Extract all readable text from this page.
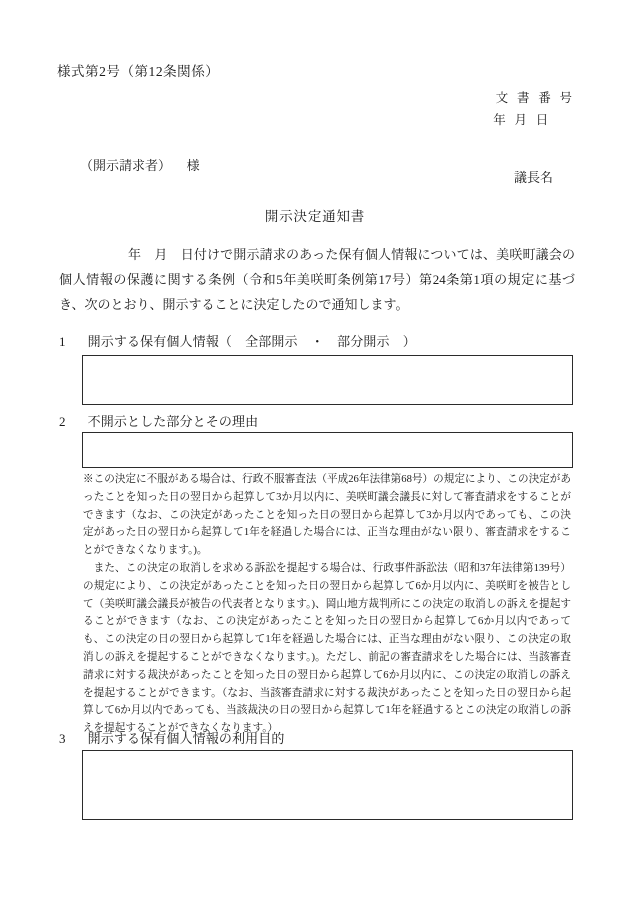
様式第2号（第12条関係）
文書番号
年月日
（開示請求者） 様
議長名
開示決定通知書
年　月　日付けで開示請求のあった保有個人情報については、美咲町議会の個人情報の保護に関する条例（令和5年美咲町条例第17号）第24条第1項の規定に基づき、次のとおり、開示することに決定したので通知します。
1 開示する保有個人情報（　全部開示　・　部分開示　）
2 不開示とした部分とその理由

※この決定に不服がある場合は、行政不服審査法（平成26年法律第68号）の規定により、この決定があったことを知った日の翌日から起算して3か月以内に、美咲町議会議長に対して審査請求をすることができます（なお、この決定があったことを知った日の翌日から起算して3か月以内であっても、この決定があった日の翌日から起算して1年を経過した場合には、正当な理由がない限り、審査請求をすることができなくなります。)。

また、この決定の取消しを求める訴訟を提起する場合は、行政事件訴訟法（昭和37年法律第139号）の規定により、この決定があったことを知った日の翌日から起算して6か月以内に、美咲町を被告として（美咲町議会議長が被告の代表者となります。)、岡山地方裁判所にこの決定の取消しの訴えを提起することができます（なお、この決定があったことを知った日の翌日から起算して6か月以内であっても、この決定の日の翌日から起算して1年を経過した場合には、正当な理由がない限り、この決定の取消しの訴えを提起することができなくなります。)。ただし、前記の審査請求をした場合には、当該審査請求に対する裁決があったことを知った日の翌日から起算して6か月以内に、この決定の取消しの訴えを提起することができます。（なお、当該審査請求に対する裁決があったことを知った日の翌日から起算して6か月以内であっても、当該裁決の日の翌日から起算して1年を経過するとこの決定の取消しの訴えを提起することができなくなります。）

3 開示する保有個人情報の利用目的
